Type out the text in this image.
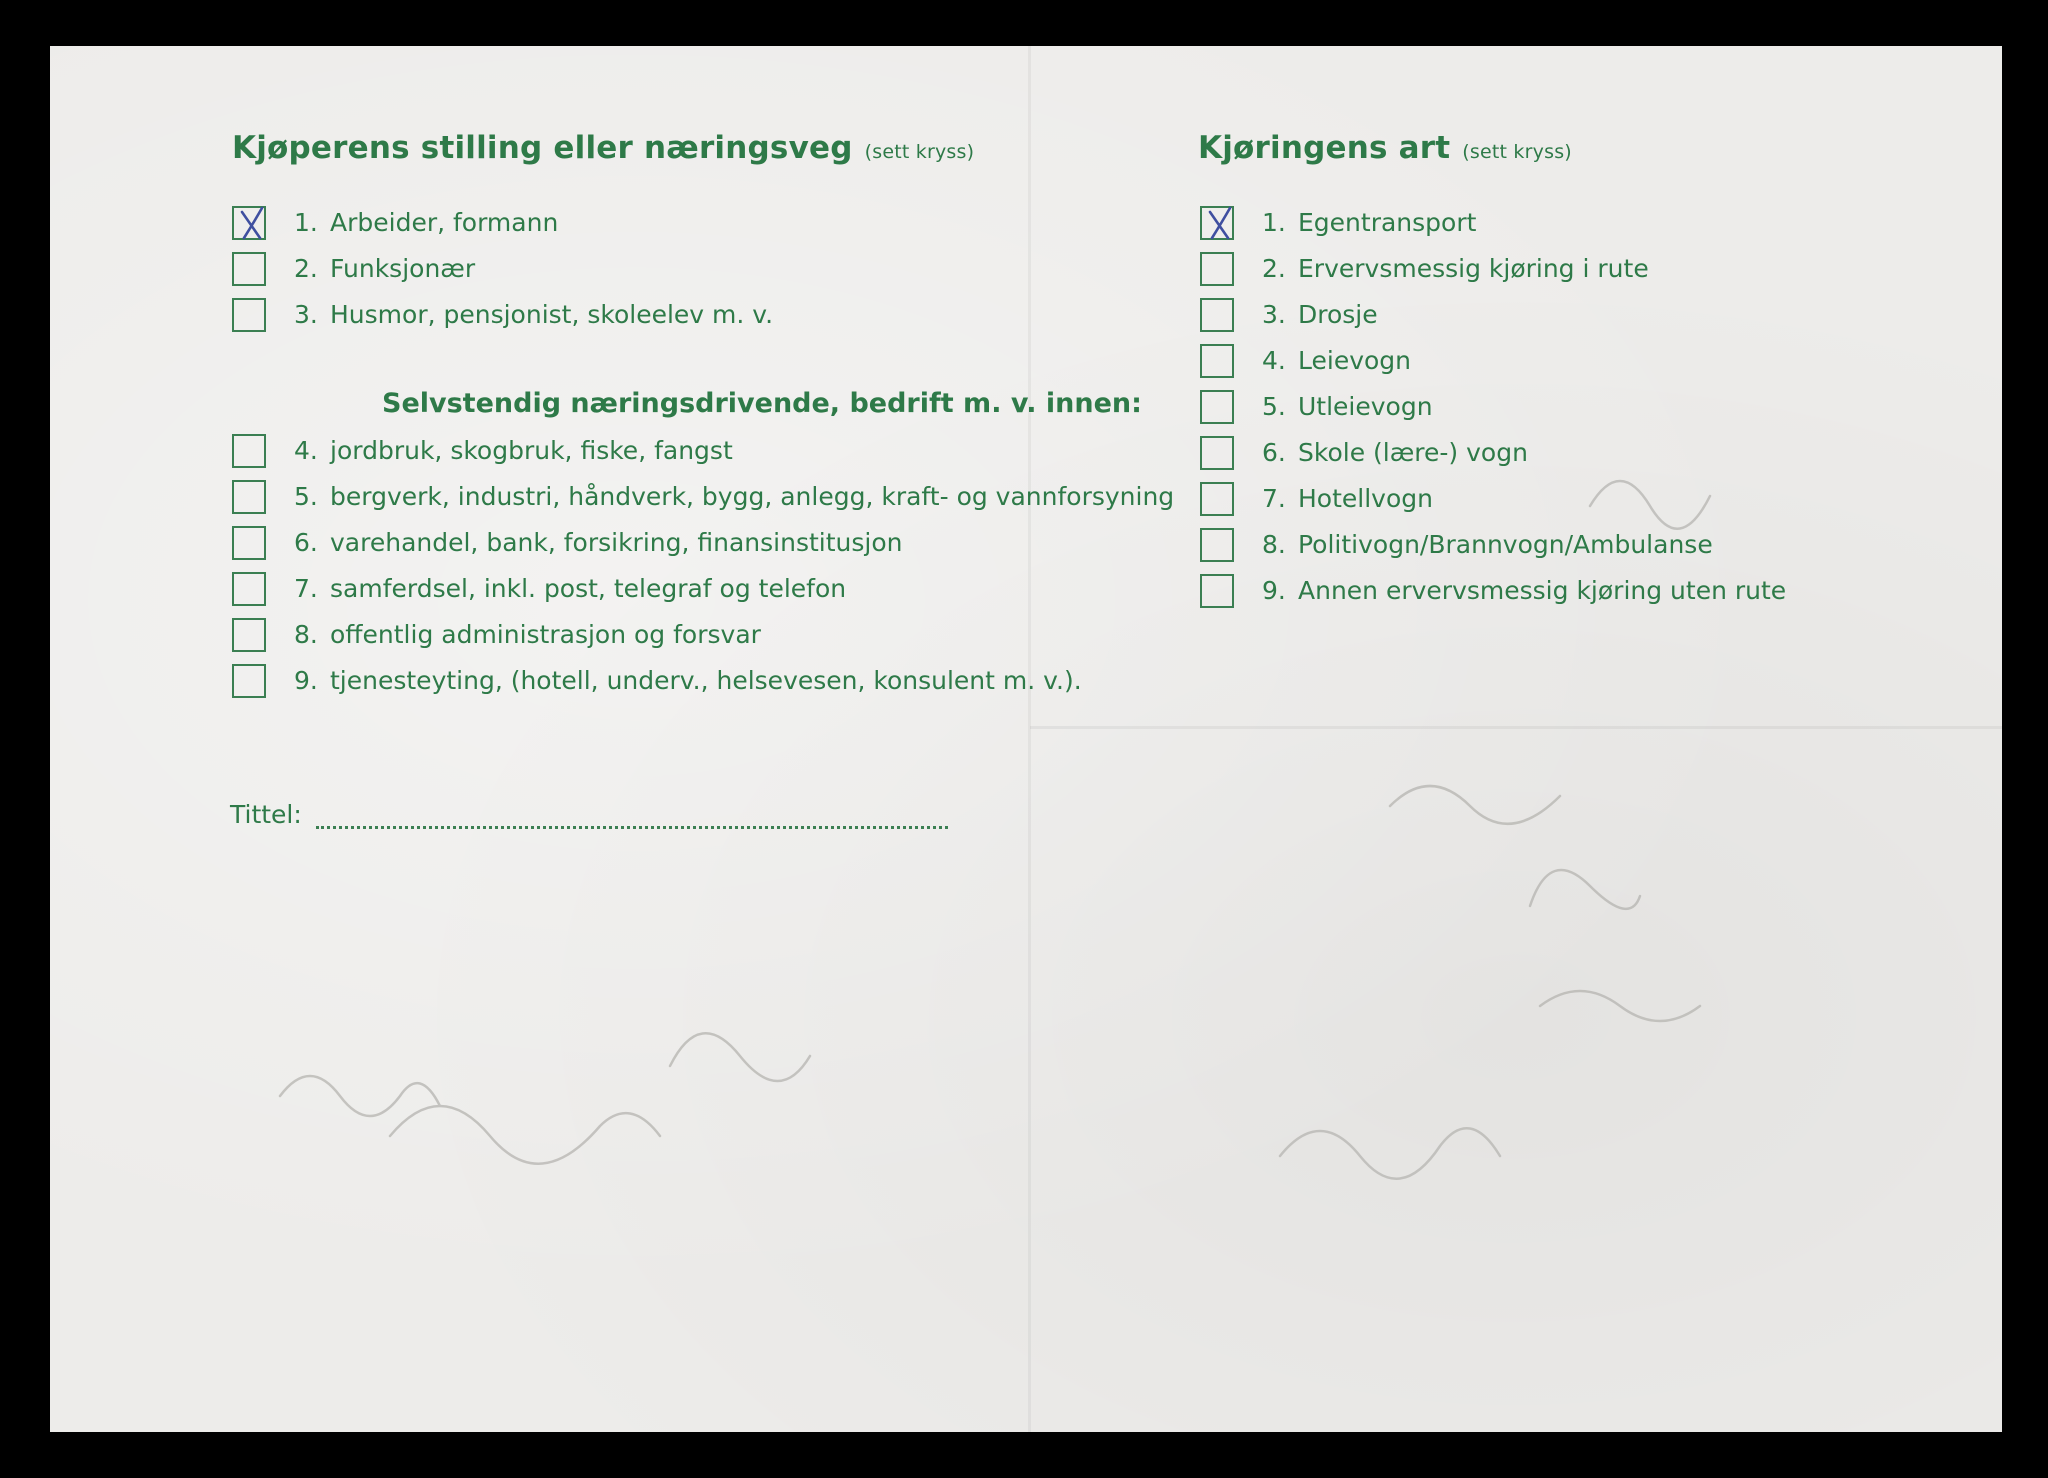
Kjøperens stilling eller næringsveg (sett kryss)
1. Arbeider, formann
2. Funksjonær
3. Husmor, pensjonist, skoleelev m. v.
4. jordbruk, skogbruk, fiske, fangst
5. bergverk, industri, håndverk, bygg, anlegg, kraft- og vannforsyning
6. varehandel, bank, forsikring, finansinstitusjon
7. samferdsel, inkl. post, telegraf og telefon
8. offentlig administrasjon og forsvar
9. tjenesteyting, (hotell, underv., helsevesen, konsulent m. v.).
Selvstendig næringsdrivende, bedrift m. v. innen:
Kjøringens art (sett kryss)
1. Egentransport
2. Ervervsmessig kjøring i rute
3. Drosje
4. Leievogn
5. Utleievogn
6. Skole (lære-) vogn
7. Hotellvogn
8. Politivogn/Brannvogn/Ambulanse
9. Annen ervervsmessig kjøring uten rute
Tittel:
